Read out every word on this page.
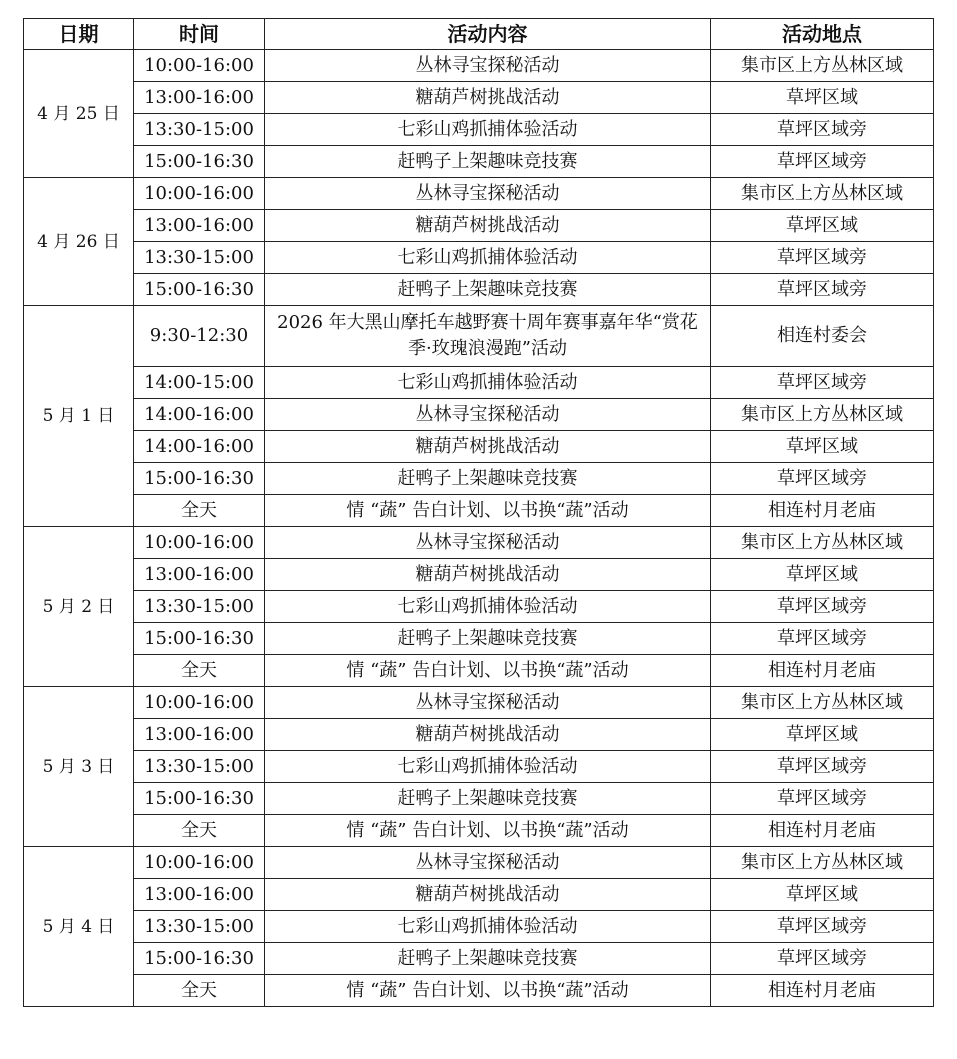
日期	时间	活动内容	活动地点
4 月 25 日	10:00-16:00	丛林寻宝探秘活动	集市区上方丛林区域
	13:00-16:00	糖葫芦树挑战活动	草坪区域
	13:30-15:00	七彩山鸡抓捕体验活动	草坪区域旁
	15:00-16:30	赶鸭子上架趣味竞技赛	草坪区域旁
4 月 26 日	10:00-16:00	丛林寻宝探秘活动	集市区上方丛林区域
	13:00-16:00	糖葫芦树挑战活动	草坪区域
	13:30-15:00	七彩山鸡抓捕体验活动	草坪区域旁
	15:00-16:30	赶鸭子上架趣味竞技赛	草坪区域旁
5 月 1 日	9:30-12:30	2026 年大黑山摩托车越野赛十周年赛事嘉年华“赏花季·玫瑰浪漫跑”活动	相连村委会
	14:00-15:00	七彩山鸡抓捕体验活动	草坪区域旁
	14:00-16:00	丛林寻宝探秘活动	集市区上方丛林区域
	14:00-16:00	糖葫芦树挑战活动	草坪区域
	15:00-16:30	赶鸭子上架趣味竞技赛	草坪区域旁
	全天	情 “蔬” 告白计划、以书换“蔬”活动	相连村月老庙
5 月 2 日	10:00-16:00	丛林寻宝探秘活动	集市区上方丛林区域
	13:00-16:00	糖葫芦树挑战活动	草坪区域
	13:30-15:00	七彩山鸡抓捕体验活动	草坪区域旁
	15:00-16:30	赶鸭子上架趣味竞技赛	草坪区域旁
	全天	情 “蔬” 告白计划、以书换“蔬”活动	相连村月老庙
5 月 3 日	10:00-16:00	丛林寻宝探秘活动	集市区上方丛林区域
	13:00-16:00	糖葫芦树挑战活动	草坪区域
	13:30-15:00	七彩山鸡抓捕体验活动	草坪区域旁
	15:00-16:30	赶鸭子上架趣味竞技赛	草坪区域旁
	全天	情 “蔬” 告白计划、以书换“蔬”活动	相连村月老庙
5 月 4 日	10:00-16:00	丛林寻宝探秘活动	集市区上方丛林区域
	13:00-16:00	糖葫芦树挑战活动	草坪区域
	13:30-15:00	七彩山鸡抓捕体验活动	草坪区域旁
	15:00-16:30	赶鸭子上架趣味竞技赛	草坪区域旁
	全天	情 “蔬” 告白计划、以书换“蔬”活动	相连村月老庙
